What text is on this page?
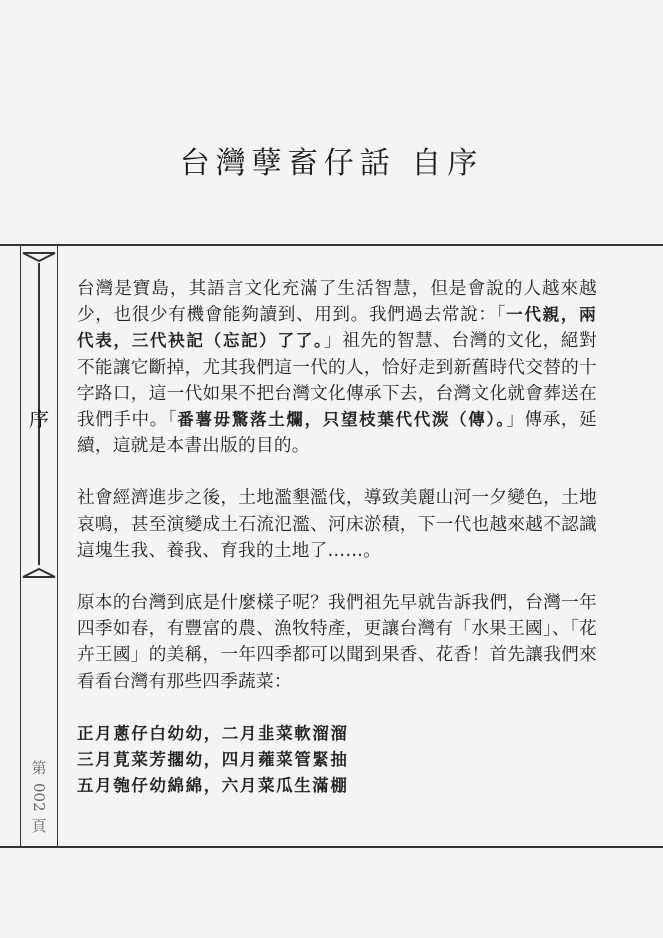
台灣孽畜仔話 自序
序
第
002
頁

台灣是寶島，其語言文化充滿了生活智慧，但是會說的人越來越少，也很少有機會能夠讀到、用到。我們過去常說：「一代親，兩代表，三代袂記（忘記）了了。」祖先的智慧、台灣的文化，絕對不能讓它斷掉，尤其我們這一代的人，恰好走到新舊時代交替的十字路口，這一代如果不把台灣文化傳承下去，台灣文化就會葬送在我們手中。「番薯毋驚落土爛，只望枝葉代代湠（傳）。」傳承，延續，這就是本書出版的目的。

社會經濟進步之後，土地濫墾濫伐，導致美麗山河一夕變色，土地哀鳴，甚至演變成土石流氾濫、河床淤積，下一代也越來越不認識這塊生我、養我、育我的土地了……。

原本的台灣到底是什麼樣子呢？我們祖先早就告訴我們，台灣一年四季如春，有豐富的農、漁牧特產，更讓台灣有「水果王國」、「花卉王國」的美稱，一年四季都可以聞到果香、花香！首先讓我們來看看台灣有那些四季蔬菜：

正月蔥仔白幼幼，二月韭菜軟溜溜
三月莧菜芳擱幼，四月蕹菜管緊抽
五月匏仔幼綿綿，六月菜瓜生滿棚
